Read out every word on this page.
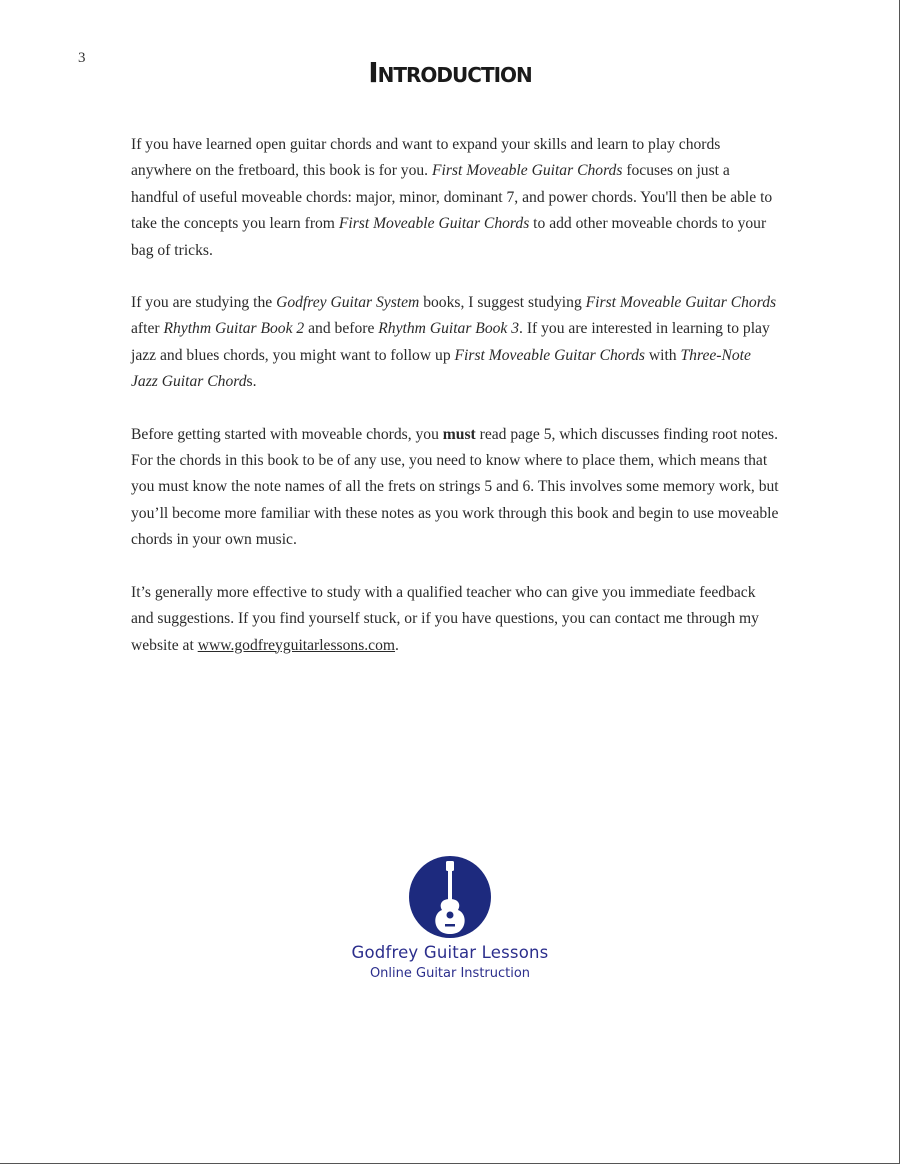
3	Introduction

If you have learned open guitar chords and want to expand your skills and learn to play chords anywhere on the fretboard, this book is for you. First Moveable Guitar Chords focuses on just a handful of useful moveable chords: major, minor, dominant 7, and power chords. You'll then be able to take the concepts you learn from First Moveable Guitar Chords to add other moveable chords to your bag of tricks.

If you are studying the Godfrey Guitar System books, I suggest studying First Moveable Guitar Chords after Rhythm Guitar Book 2 and before Rhythm Guitar Book 3. If you are interested in learning to play jazz and blues chords, you might want to follow up First Moveable Guitar Chords with Three-Note Jazz Guitar Chords.

Before getting started with moveable chords, you must read page 5, which discusses finding root notes. For the chords in this book to be of any use, you need to know where to place them, which means that you must know the note names of all the frets on strings 5 and 6. This involves some memory work, but you’ll become more familiar with these notes as you work through this book and begin to use moveable chords in your own music.

It’s generally more effective to study with a qualified teacher who can give you immediate feedback and suggestions. If you find yourself stuck, or if you have questions, you can contact me through my website at www.godfreyguitarlessons.com.

Godfrey Guitar Lessons
Online Guitar Instruction
